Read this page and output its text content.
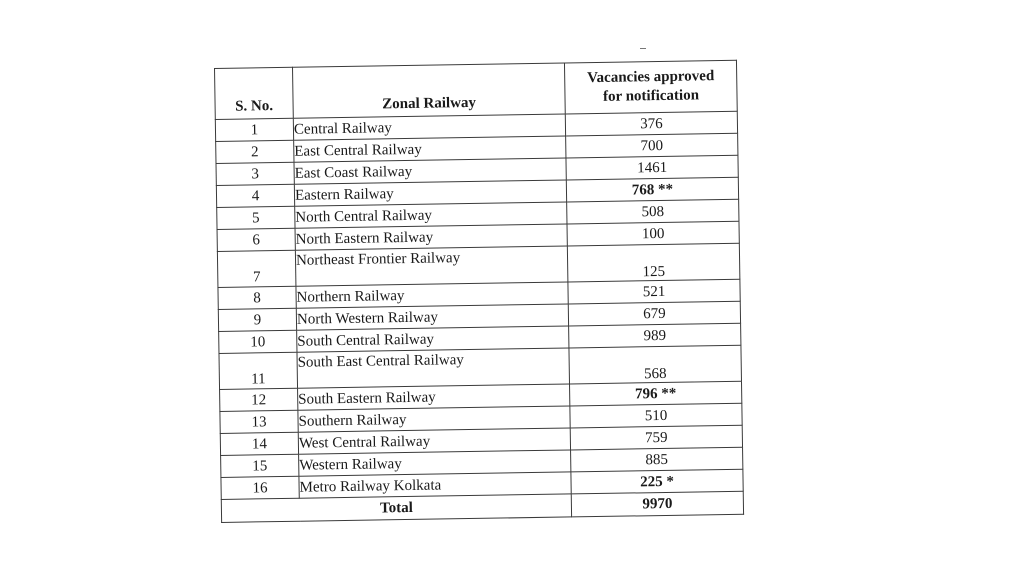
S. No.	Zonal Railway	Vacancies approved
for notification

1	Central Railway	376
2	East Central Railway	700
3	East Coast Railway	1461
4	Eastern Railway	768 **
5	North Central Railway	508
6	North Eastern Railway	100
7	Northeast Frontier Railway	125
8	Northern Railway	521
9	North Western Railway	679
10	South Central Railway	989
11	South East Central Railway	568
12	South Eastern Railway	796 **
13	Southern Railway	510
14	West Central Railway	759
15	Western Railway	885
16	Metro Railway Kolkata	225 *
Total		9970
